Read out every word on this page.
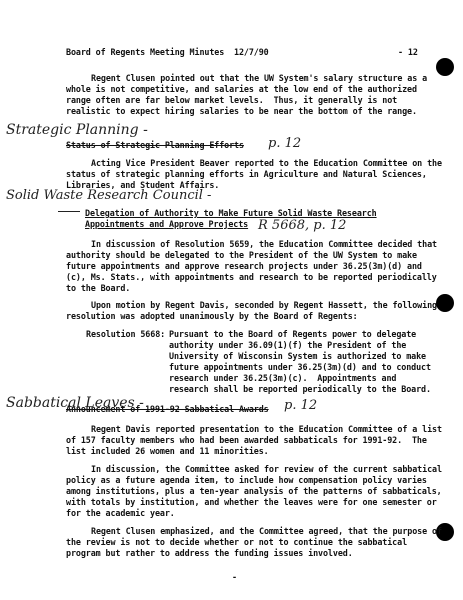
Board of Regents Meeting Minutes  12/7/90	- 12
Regent Clusen pointed out that the UW System's salary structure as a
whole is not competitive, and salaries at the low end of the authorized
range often are far below market levels.  Thus, it generally is not
realistic to expect hiring salaries to be near the bottom of the range.
Strategic Planning -
p. 12
Status of Strategic Planning Efforts
Acting Vice President Beaver reported to the Education Committee on the
status of strategic planning efforts in Agriculture and Natural Sciences,
Libraries, and Student Affairs.
Solid Waste Research Council -
Delegation of Authority to Make Future Solid Waste Research
Appointments and Approve Projects R 5668, p. 12
In discussion of Resolution 5659, the Education Committee decided that
authority should be delegated to the President of the UW System to make
future appointments and approve research projects under 36.25(3m)(d) and
(c), Ms. Stats., with appointments and research to be reported periodically
to the Board.
Upon motion by Regent Davis, seconded by Regent Hassett, the following
resolution was adopted unanimously by the Board of Regents:
Resolution 5668: Pursuant to the Board of Regents power to delegate
authority under 36.09(1)(f) the President of the
University of Wisconsin System is authorized to make
future appointments under 36.25(3m)(d) and to conduct
research under 36.25(3m)(c).  Appointments and
research shall be reported periodically to the Board.
Sabbatical Leaves -	p. 12
Announcement of 1991-92 Sabbatical Awards
Regent Davis reported presentation to the Education Committee of a list
of 157 faculty members who had been awarded sabbaticals for 1991-92.  The
list included 26 women and 11 minorities.
In discussion, the Committee asked for review of the current sabbatical
policy as a future agenda item, to include how compensation policy varies
among institutions, plus a ten-year analysis of the patterns of sabbaticals,
with totals by institution, and whether the leaves were for one semester or
for the academic year.
Regent Clusen emphasized, and the Committee agreed, that the purpose of
the review is not to decide whether or not to continue the sabbatical
program but rather to address the funding issues involved.
-
